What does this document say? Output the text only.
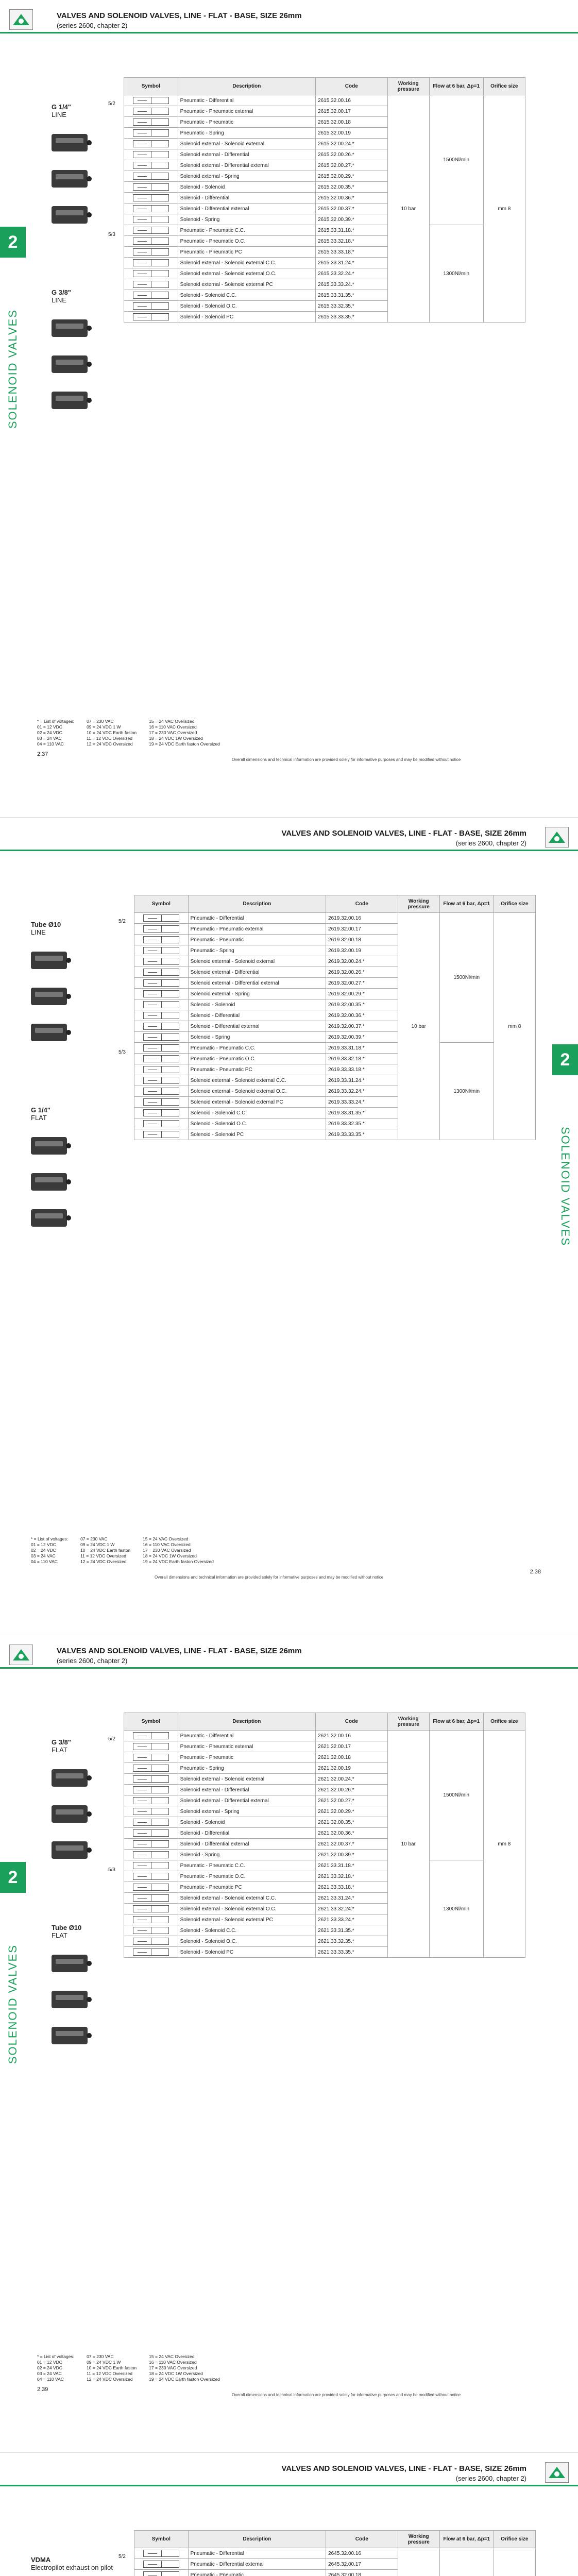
VALVES AND SOLENOID VALVES, LINE - FLAT - BASE, SIZE 26mm
(series 2600, chapter 2)
2
SOLENOID VALVES
Symbol	Description	Code	Working pressure	Flow at 6 bar, Δp=1	Orifice size
	Pneumatic - Differential	2615.32.00.16	10 bar	1500Nl/min	mm 8
	Pneumatic - Pneumatic external	2615.32.00.17			
	Pneumatic - Pneumatic	2615.32.00.18			
	Pneumatic - Spring	2615.32.00.19			
	Solenoid external - Solenoid external	2615.32.00.24.*			
	Solenoid external - Differential	2615.32.00.26.*			
	Solenoid external - Differential external	2615.32.00.27.*			
	Solenoid external - Spring	2615.32.00.29.*			
	Solenoid - Solenoid	2615.32.00.35.*			
	Solenoid - Differential	2615.32.00.36.*			
	Solenoid - Differential external	2615.32.00.37.*			
	Solenoid - Spring	2615.32.00.39.*			
	Pneumatic - Pneumatic C.C.	2615.33.31.18.*		1300Nl/min	
	Pneumatic - Pneumatic O.C.	2615.33.32.18.*			
	Pneumatic - Pneumatic PC	2615.33.33.18.*			
	Solenoid external - Solenoid external C.C.	2615.33.31.24.*			
	Solenoid external - Solenoid external O.C.	2615.33.32.24.*			
	Solenoid external - Solenoid external PC	2615.33.33.24.*			
	Solenoid - Solenoid C.C.	2615.33.31.35.*			
	Solenoid - Solenoid O.C.	2615.33.32.35.*			
	Solenoid - Solenoid PC	2615.33.33.35.*			
G 1/4"
LINE
G 3/8"
LINE
5/2
5/3
* = List of voltages:
01 = 12 VDC
02 = 24 VDC
03 = 24 VAC
04 = 110 VAC
07 = 230 VAC
09 = 24 VDC 1 W
10 = 24 VDC Earth faston
11 = 12 VDC Oversized
12 = 24 VDC Oversized
15 = 24 VAC Oversized
16 = 110 VAC Oversized
17 = 230 VAC Oversized
18 = 24 VDC 1W Oversized
19 = 24 VDC Earth faston Oversized
2.37
Overall dimensions and technical information are provided solely for informative purposes and may be modified without notice
VALVES AND SOLENOID VALVES, LINE - FLAT - BASE, SIZE 26mm
(series 2600, chapter 2)
2
SOLENOID VALVES
Symbol	Description	Code	Working pressure	Flow at 6 bar, Δp=1	Orifice size
	Pneumatic - Differential	2619.32.00.16	10 bar	1500Nl/min	mm 8
	Pneumatic - Pneumatic external	2619.32.00.17			
	Pneumatic - Pneumatic	2619.32.00.18			
	Pneumatic - Spring	2619.32.00.19			
	Solenoid external - Solenoid external	2619.32.00.24.*			
	Solenoid external - Differential	2619.32.00.26.*			
	Solenoid external - Differential external	2619.32.00.27.*			
	Solenoid external - Spring	2619.32.00.29.*			
	Solenoid - Solenoid	2619.32.00.35.*			
	Solenoid - Differential	2619.32.00.36.*			
	Solenoid - Differential external	2619.32.00.37.*			
	Solenoid - Spring	2619.32.00.39.*			
	Pneumatic - Pneumatic C.C.	2619.33.31.18.*		1300Nl/min	
	Pneumatic - Pneumatic O.C.	2619.33.32.18.*			
	Pneumatic - Pneumatic PC	2619.33.33.18.*			
	Solenoid external - Solenoid external C.C.	2619.33.31.24.*			
	Solenoid external - Solenoid external O.C.	2619.33.32.24.*			
	Solenoid external - Solenoid external PC	2619.33.33.24.*			
	Solenoid - Solenoid C.C.	2619.33.31.35.*			
	Solenoid - Solenoid O.C.	2619.33.32.35.*			
	Solenoid - Solenoid PC	2619.33.33.35.*			
Tube Ø10
LINE
G 1/4"
FLAT
5/2
5/3
* = List of voltages:
01 = 12 VDC
02 = 24 VDC
03 = 24 VAC
04 = 110 VAC
07 = 230 VAC
09 = 24 VDC 1 W
10 = 24 VDC Earth faston
11 = 12 VDC Oversized
12 = 24 VDC Oversized
15 = 24 VAC Oversized
16 = 110 VAC Oversized
17 = 230 VAC Oversized
18 = 24 VDC 1W Oversized
19 = 24 VDC Earth faston Oversized
2.38
Overall dimensions and technical information are provided solely for informative purposes and may be modified without notice
VALVES AND SOLENOID VALVES, LINE - FLAT - BASE, SIZE 26mm
(series 2600, chapter 2)
2
SOLENOID VALVES
Symbol	Description	Code	Working pressure	Flow at 6 bar, Δp=1	Orifice size
	Pneumatic - Differential	2621.32.00.16	10 bar	1500Nl/min	mm 8
	Pneumatic - Pneumatic external	2621.32.00.17			
	Pneumatic - Pneumatic	2621.32.00.18			
	Pneumatic - Spring	2621.32.00.19			
	Solenoid external - Solenoid external	2621.32.00.24.*			
	Solenoid external - Differential	2621.32.00.26.*			
	Solenoid external - Differential external	2621.32.00.27.*			
	Solenoid external - Spring	2621.32.00.29.*			
	Solenoid - Solenoid	2621.32.00.35.*			
	Solenoid - Differential	2621.32.00.36.*			
	Solenoid - Differential external	2621.32.00.37.*			
	Solenoid - Spring	2621.32.00.39.*			
	Pneumatic - Pneumatic C.C.	2621.33.31.18.*		1300Nl/min	
	Pneumatic - Pneumatic O.C.	2621.33.32.18.*			
	Pneumatic - Pneumatic PC	2621.33.33.18.*			
	Solenoid external - Solenoid external C.C.	2621.33.31.24.*			
	Solenoid external - Solenoid external O.C.	2621.33.32.24.*			
	Solenoid external - Solenoid external PC	2621.33.33.24.*			
	Solenoid - Solenoid C.C.	2621.33.31.35.*			
	Solenoid - Solenoid O.C.	2621.33.32.35.*			
	Solenoid - Solenoid PC	2621.33.33.35.*			
G 3/8"
FLAT
Tube Ø10
FLAT
5/2
5/3
* = List of voltages:
01 = 12 VDC
02 = 24 VDC
03 = 24 VAC
04 = 110 VAC
07 = 230 VAC
09 = 24 VDC 1 W
10 = 24 VDC Earth faston
11 = 12 VDC Oversized
12 = 24 VDC Oversized
15 = 24 VAC Oversized
16 = 110 VAC Oversized
17 = 230 VAC Oversized
18 = 24 VDC 1W Oversized
19 = 24 VDC Earth faston Oversized
2.39
Overall dimensions and technical information are provided solely for informative purposes and may be modified without notice
VALVES AND SOLENOID VALVES, LINE - FLAT - BASE, SIZE 26mm
(series 2600, chapter 2)
Symbol	Description	Code	Working pressure	Flow at 6 bar, Δp=1	Orifice size
	Pneumatic - Differential	2645.32.00.16			
	Pneumatic - Differential external	2645.32.00.17			
	Pneumatic - Pneumatic	2645.32.00.18			

VDMA
Electropilot exhaust on pilot
5/2
